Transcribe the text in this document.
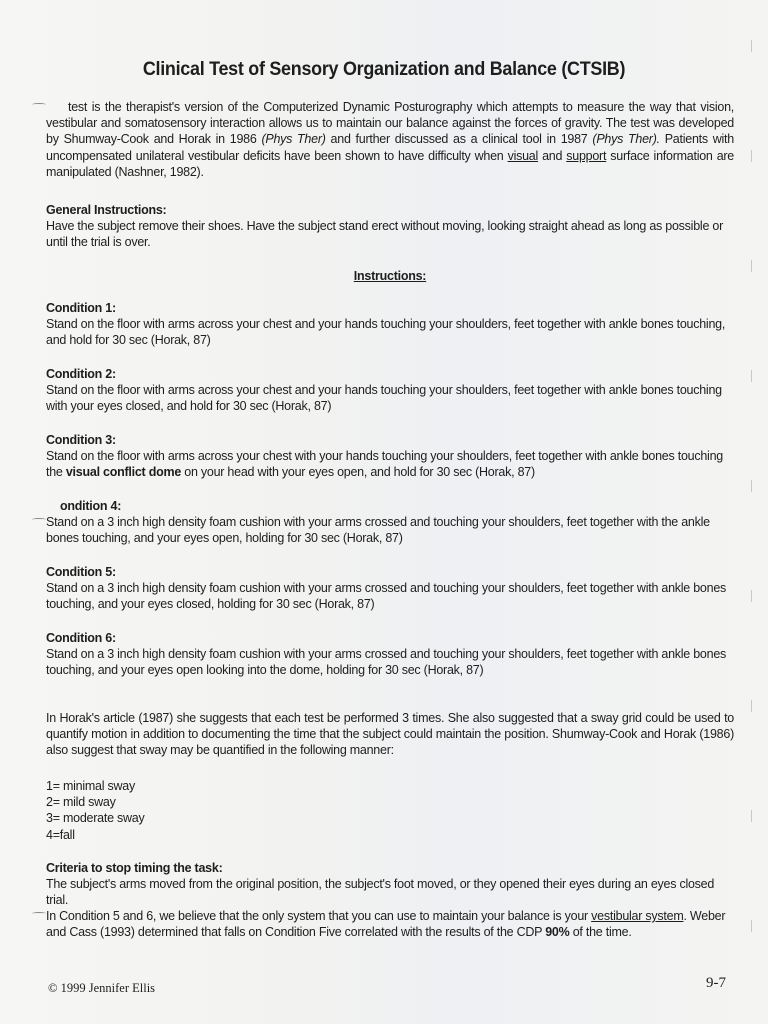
Clinical Test of Sensory Organization and Balance (CTSIB)
test is the therapist's version of the Computerized Dynamic Posturography which attempts to measure the way that vision, vestibular and somatosensory interaction allows us to maintain our balance against the forces of gravity. The test was developed by Shumway-Cook and Horak in 1986 (Phys Ther) and further discussed as a clinical tool in 1987 (Phys Ther). Patients with uncompensated unilateral vestibular deficits have been shown to have difficulty when visual and support surface information are manipulated (Nashner, 1982).
General Instructions:
Have the subject remove their shoes. Have the subject stand erect without moving, looking straight ahead as long as possible or until the trial is over.
Instructions:
Condition 1:
Stand on the floor with arms across your chest and your hands touching your shoulders, feet together with ankle bones touching, and hold for 30 sec (Horak, 87)
Condition 2:
Stand on the floor with arms across your chest and your hands touching your shoulders, feet together with ankle bones touching with your eyes closed, and hold for 30 sec (Horak, 87)
Condition 3:
Stand on the floor with arms across your chest with your hands touching your shoulders, feet together with ankle bones touching the visual conflict dome on your head with your eyes open, and hold for 30 sec (Horak, 87)
ondition 4:
Stand on a 3 inch high density foam cushion with your arms crossed and touching your shoulders, feet together with the ankle bones touching, and your eyes open, holding for 30 sec (Horak, 87)
Condition 5:
Stand on a 3 inch high density foam cushion with your arms crossed and touching your shoulders, feet together with ankle bones touching, and your eyes closed, holding for 30 sec (Horak, 87)
Condition 6:
Stand on a 3 inch high density foam cushion with your arms crossed and touching your shoulders, feet together with ankle bones touching, and your eyes open looking into the dome, holding for 30 sec (Horak, 87)
In Horak's article (1987) she suggests that each test be performed 3 times. She also suggested that a sway grid could be used to quantify motion in addition to documenting the time that the subject could maintain the position. Shumway-Cook and Horak (1986) also suggest that sway may be quantified in the following manner:
1= minimal sway
2= mild sway
3= moderate sway
4=fall
Criteria to stop timing the task:
The subject's arms moved from the original position, the subject's foot moved, or they opened their eyes during an eyes closed trial.
In Condition 5 and 6, we believe that the only system that you can use to maintain your balance is your vestibular system. Weber and Cass (1993) determined that falls on Condition Five correlated with the results of the CDP 90% of the time.
© 1999 Jennifer Ellis	9-7
